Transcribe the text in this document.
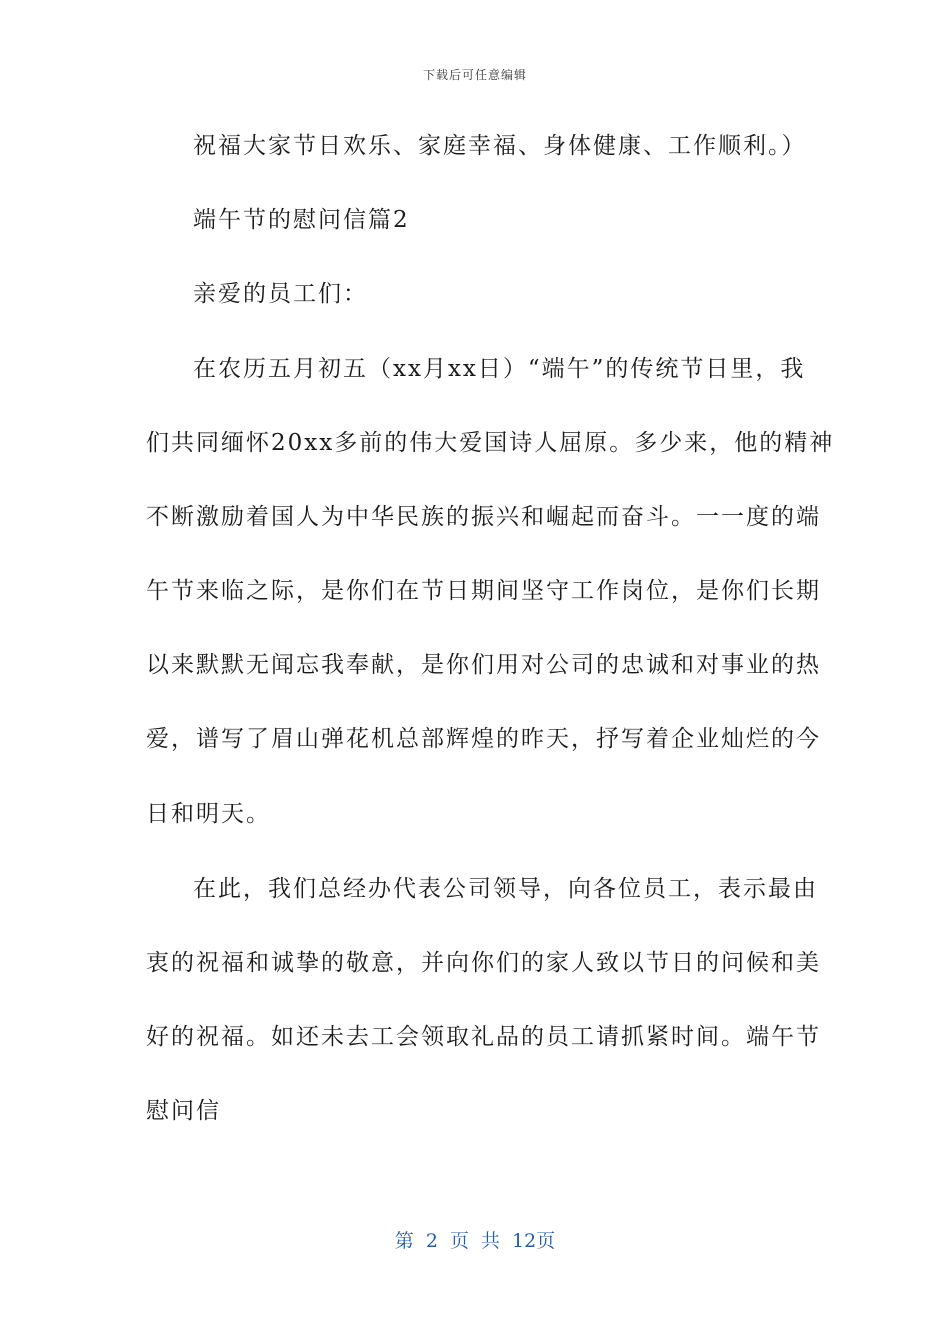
下载后可任意编辑
祝福大家节日欢乐、家庭幸福、身体健康、工作顺利。）
端午节的慰问信篇2
亲爱的员工们：
在农历五月初五（xx月xx日）“端午”的传统节日里，我
们共同缅怀20xx多前的伟大爱国诗人屈原。多少来，他的精神
不断激励着国人为中华民族的振兴和崛起而奋斗。一一度的端
午节来临之际，是你们在节日期间坚守工作岗位，是你们长期
以来默默无闻忘我奉献，是你们用对公司的忠诚和对事业的热
爱，谱写了眉山弹花机总部辉煌的昨天，抒写着企业灿烂的今
日和明天。
在此，我们总经办代表公司领导，向各位员工，表示最由
衷的祝福和诚挚的敬意，并向你们的家人致以节日的问候和美
好的祝福。如还未去工会领取礼品的员工请抓紧时间。端午节
慰问信
第 2 页 共 12页
